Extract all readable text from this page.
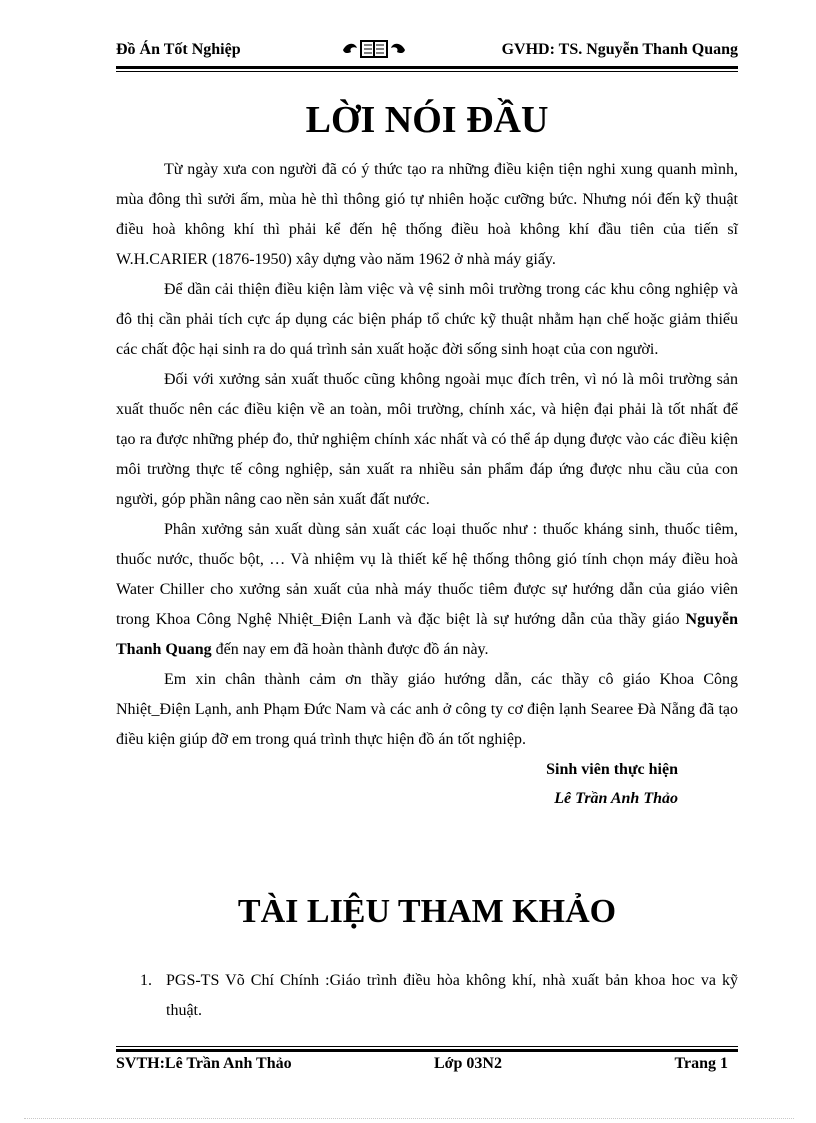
Đồ Án Tốt Nghiệp	GVHD: TS. Nguyễn Thanh Quang
LỜI NÓI ĐẦU

Từ ngày xưa con người đã có ý thức tạo ra những điều kiện tiện nghi xung quanh mình, mùa đông thì sưởi ấm, mùa hè thì thông gió tự nhiên hoặc cưỡng bức. Nhưng nói đến kỹ thuật điều hoà không khí thì phải kể đến hệ thống điều hoà không khí đầu tiên của tiến sĩ W.H.CARIER (1876-1950) xây dựng vào năm 1962 ở nhà máy giấy.

Để dần cải thiện điều kiện làm việc và vệ sinh môi trường trong các khu công nghiệp và đô thị cần phải tích cực áp dụng các biện pháp tổ chức kỹ thuật nhằm hạn chế hoặc giảm thiểu các chất độc hại sinh ra do quá trình sản xuất hoặc đời sống sinh hoạt của con người.

Đối với xưởng sản xuất thuốc cũng không ngoài mục đích trên, vì nó là môi trường sản xuất thuốc nên các điều kiện về an toàn, môi trường, chính xác, và hiện đại phải là tốt nhất để tạo ra được những phép đo, thử nghiệm chính xác nhất và có thể áp dụng được vào các điều kiện môi trường thực tế công nghiệp, sản xuất ra nhiều sản phẩm đáp ứng được nhu cầu của con người, góp phần nâng cao nền sản xuất đất nước.

Phân xưởng sản xuất dùng sản xuất các loại thuốc như : thuốc kháng sinh, thuốc tiêm, thuốc nước, thuốc bột, … Và nhiệm vụ là thiết kế hệ thống thông gió tính chọn máy điều hoà Water Chiller cho xưởng sản xuất của nhà máy thuốc tiêm được sự hướng dẫn của giáo viên trong Khoa Công Nghệ Nhiệt_Điện Lanh và đặc biệt là sự hướng dẫn của thầy giáo Nguyễn Thanh Quang đến nay em đã hoàn thành được đồ án này.

Em xin chân thành cảm ơn thầy giáo hướng dẫn, các thầy cô giáo Khoa Công Nhiệt_Điện Lạnh, anh Phạm Đức Nam và các anh ở công ty cơ điện lạnh Searee Đà Nẵng đã tạo điều kiện giúp đỡ em trong quá trình thực hiện đồ án tốt nghiệp.

Sinh viên thực hiện
Lê Trần Anh Thảo
TÀI LIỆU THAM KHẢO
1. PGS-TS Võ Chí Chính :Giáo trình điều hòa không khí, nhà xuất bản khoa hoc va kỹ thuật.
SVTH:Lê Trần Anh Thảo	Lớp 03N2	Trang 1
